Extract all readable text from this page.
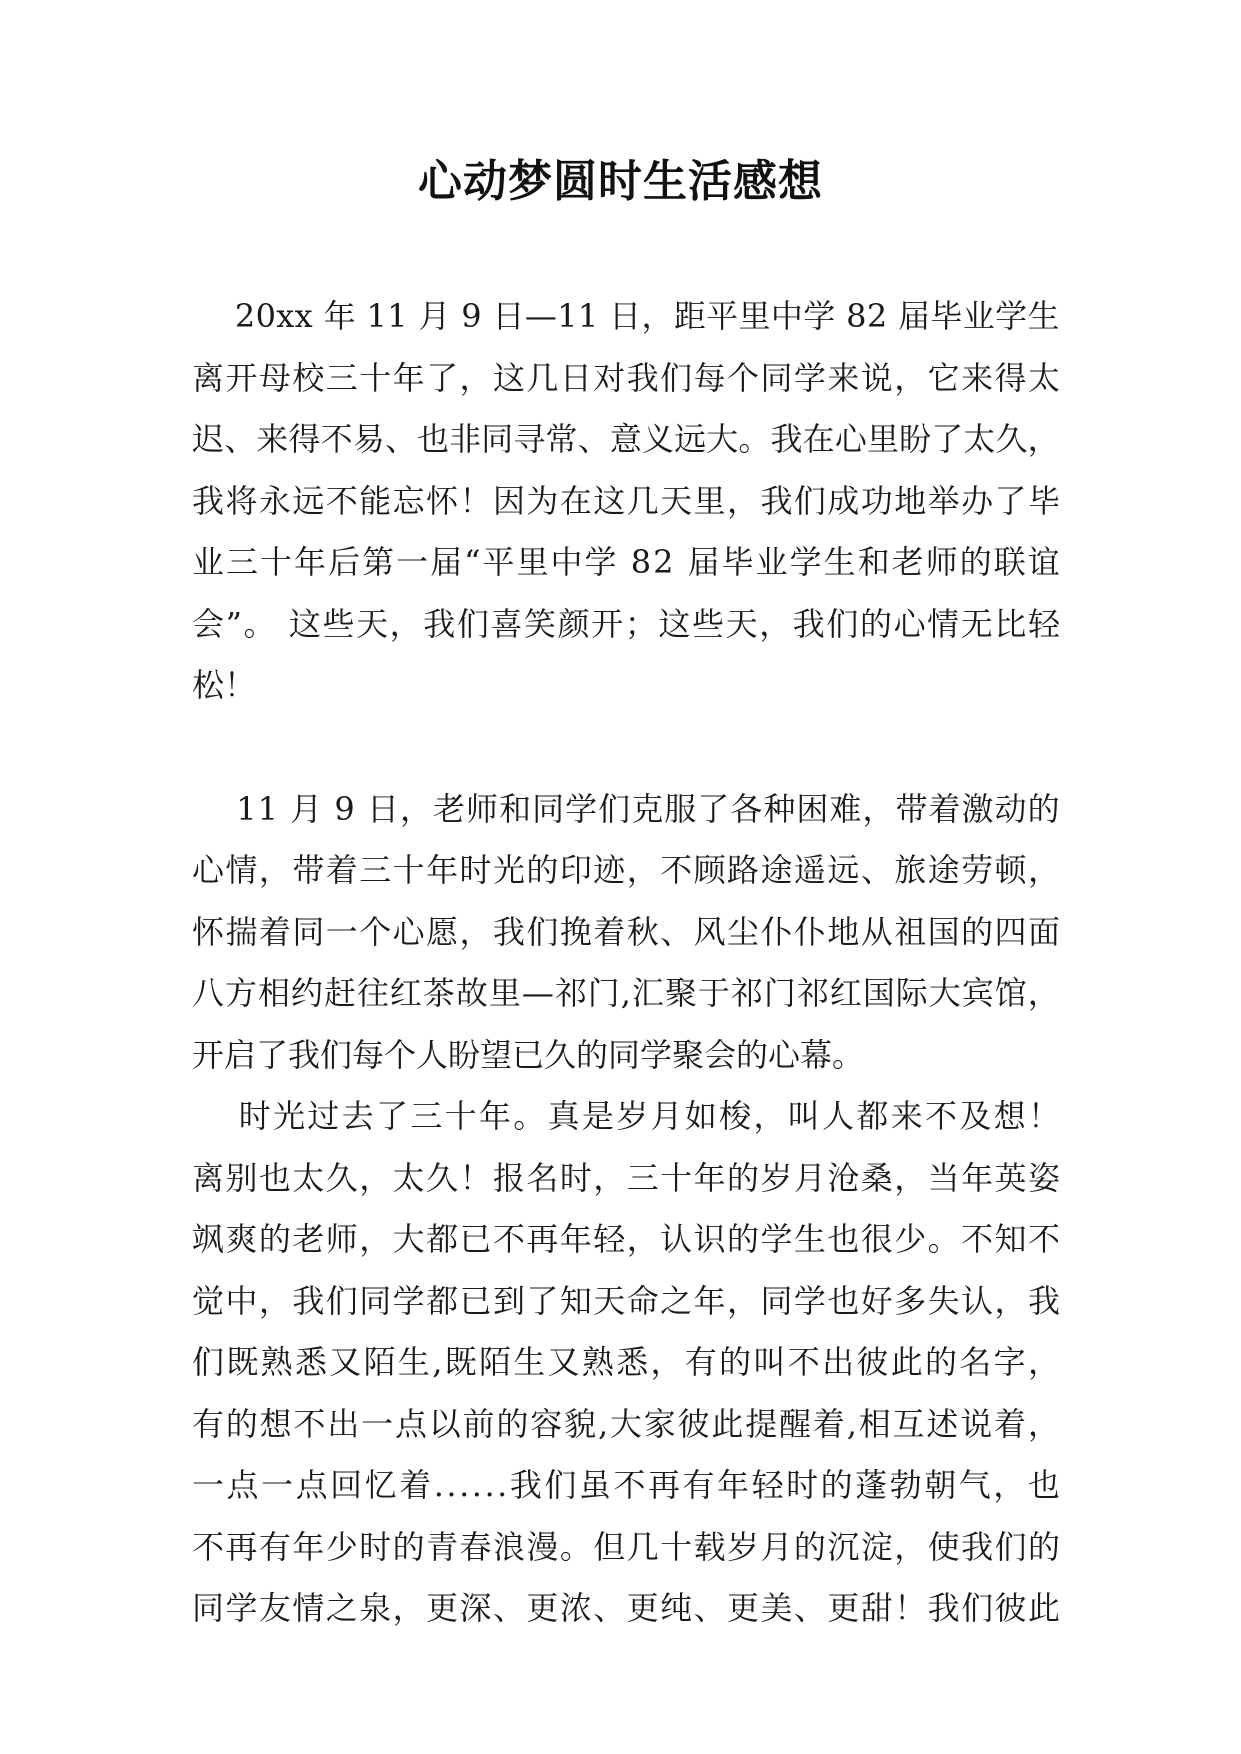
心动梦圆时生活感想

2 0 x x
年
1 1
月
9
日 — 1 1
日 ， 距 平 里 中 学
8 2
届 毕 业 学 生
离 开 母 校 三 十 年 了 ， 这 几 日 对 我 们 每 个 同 学 来 说 ， 它 来 得 太
迟 、 来 得 不 易 、 也 非 同 寻 常 、 意 义 远 大 。 我 在 心 里 盼 了 太 久 ，
我 将 永 远 不 能 忘 怀 ！ 因 为 在 这 几 天 里 ， 我 们 成 功 地 举 办 了 毕
业 三 十 年 后 第 一 届 “ 平 里 中 学
8 2
届 毕 业 学 生 和 老 师 的 联 谊
会 ” 。
这 些 天 ， 我 们 喜 笑 颜 开 ； 这 些 天 ， 我 们 的 心 情 无 比 轻
松！

1 1
月
9
日 ， 老 师 和 同 学 们 克 服 了 各 种 困 难 ， 带 着 激 动 的
心 情 ， 带 着 三 十 年 时 光 的 印 迹 ， 不 顾 路 途 遥 远 、 旅 途 劳 顿 ，
怀 揣 着 同 一 个 心 愿 ， 我 们 挽 着 秋 、 风 尘 仆 仆 地 从 祖 国 的 四 面
八 方 相 约 赶 往 红 茶 故 里 — 祁 门 , 汇 聚 于 祁 门 祁 红 国 际 大 宾 馆 ，
开启了我们每个人盼望已久的同学聚会的心幕。

时 光 过 去 了 三 十 年 。 真 是 岁 月 如 梭 ， 叫 人 都 来 不 及 想 ！
离 别 也 太 久 ， 太 久 ！ 报 名 时 ， 三 十 年 的 岁 月 沧 桑 ， 当 年 英 姿
飒 爽 的 老 师 ， 大 都 已 不 再 年 轻 ， 认 识 的 学 生 也 很 少 。 不 知 不
觉 中 ， 我 们 同 学 都 已 到 了 知 天 命 之 年 ， 同 学 也 好 多 失 认 ， 我
们 既 熟 悉 又 陌 生 , 既 陌 生 又 熟 悉 ， 有 的 叫 不 出 彼 此 的 名 字 ，
有 的 想 不 出 一 点 以 前 的 容 貌 , 大 家 彼 此 提 醒 着 , 相 互 述 说 着 ，
一 点 一 点 回 忆 着 . . . . . . 我 们 虽 不 再 有 年 轻 时 的 蓬 勃 朝 气 ， 也
不 再 有 年 少 时 的 青 春 浪 漫 。 但 几 十 载 岁 月 的 沉 淀 ， 使 我 们 的
同 学 友 情 之 泉 ， 更 深 、 更 浓 、 更 纯 、 更 美 、 更 甜 ！ 我 们 彼 此
